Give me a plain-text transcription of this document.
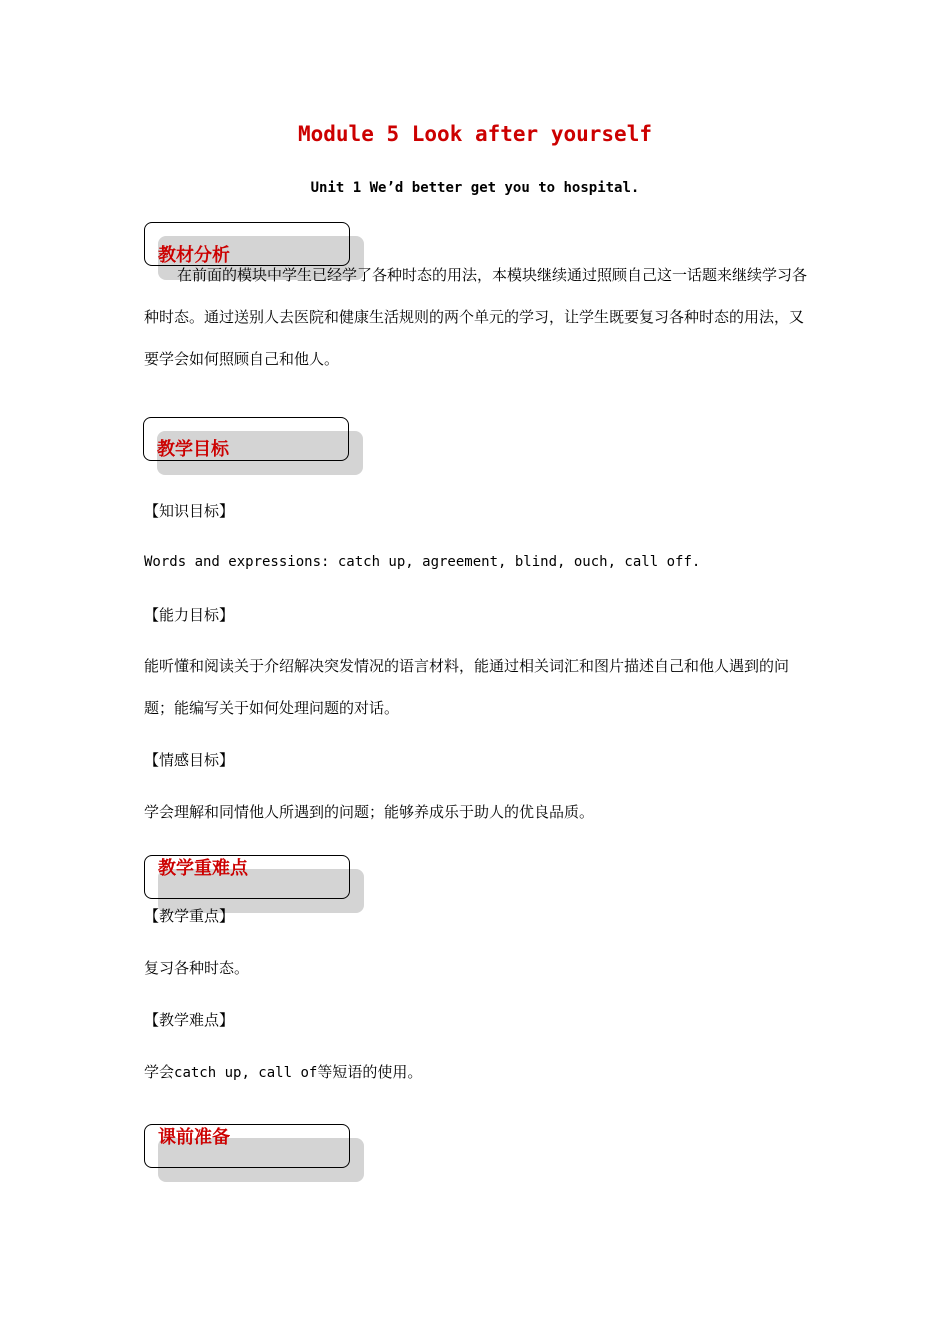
Module 5 Look after yourself
Unit 1 We’d better get you to hospital.
教材分析
在前面的模块中学生已经学了各种时态的用法，本模块继续通过照顾自己这一话题来继续学习各种时态。通过送别人去医院和健康生活规则的两个单元的学习，让学生既要复习各种时态的用法，又要学会如何照顾自己和他人。
教学目标
【知识目标】
Words and expressions: catch up, agreement, blind, ouch, call off.
【能力目标】
能听懂和阅读关于介绍解决突发情况的语言材料，能通过相关词汇和图片描述自己和他人遇到的问题；能编写关于如何处理问题的对话。
【情感目标】
学会理解和同情他人所遇到的问题；能够养成乐于助人的优良品质。
教学重难点
【教学重点】
复习各种时态。
【教学难点】
学会catch up, call of等短语的使用。
课前准备
